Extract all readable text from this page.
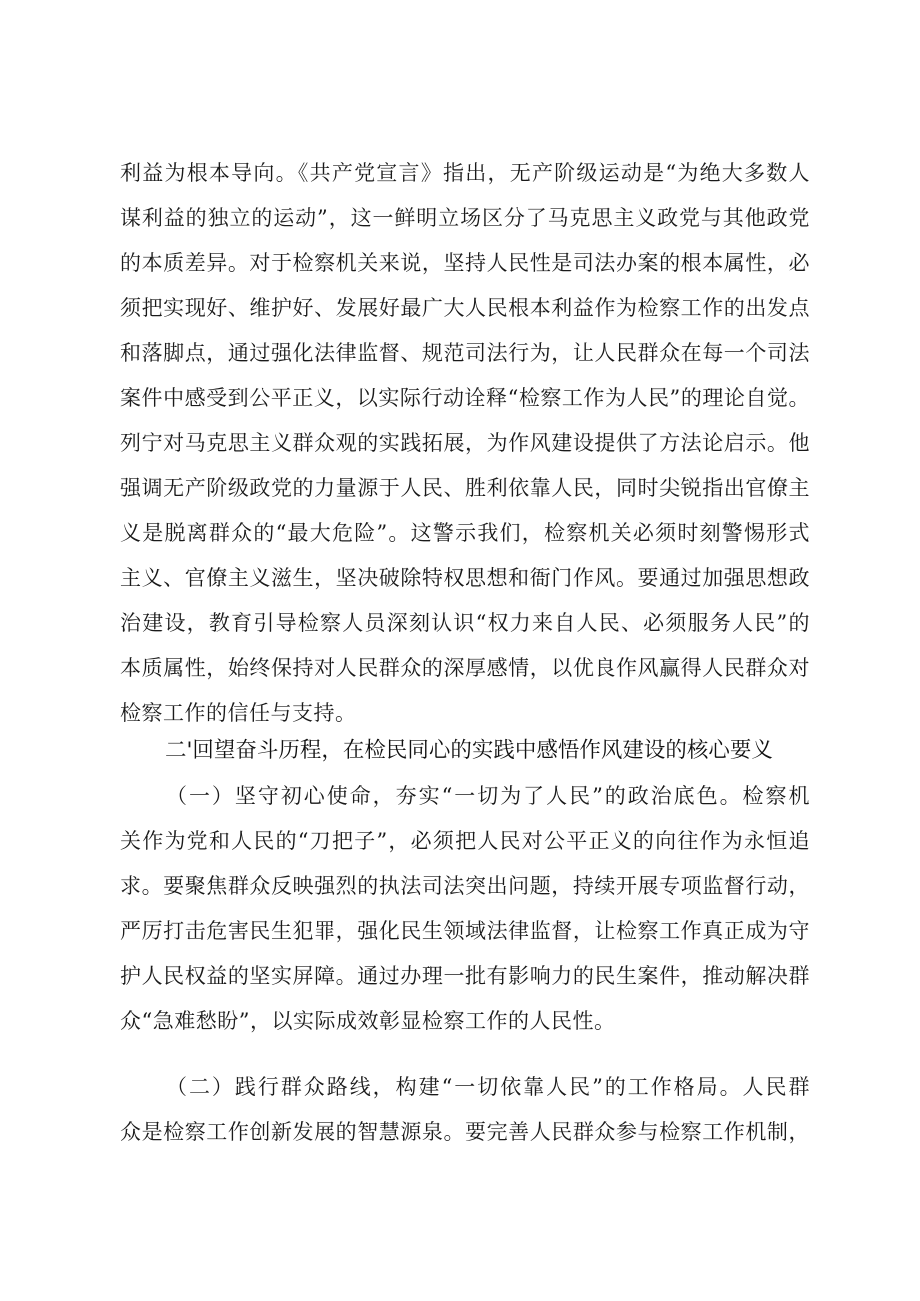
利益为根本导向。《共产党宣言》指出，无产阶级运动是“为绝大多数人
谋利益的独立的运动”，这一鲜明立场区分了马克思主义政党与其他政党
的本质差异。对于检察机关来说，坚持人民性是司法办案的根本属性，必
须把实现好、维护好、发展好最广大人民根本利益作为检察工作的出发点
和落脚点，通过强化法律监督、规范司法行为，让人民群众在每一个司法
案件中感受到公平正义，以实际行动诠释“检察工作为人民”的理论自觉。
列宁对马克思主义群众观的实践拓展，为作风建设提供了方法论启示。他
强调无产阶级政党的力量源于人民、胜利依靠人民，同时尖锐指出官僚主
义是脱离群众的“最大危险”。这警示我们，检察机关必须时刻警惕形式
主义、官僚主义滋生，坚决破除特权思想和衙门作风。要通过加强思想政
治建设，教育引导检察人员深刻认识“权力来自人民、必须服务人民”的
本质属性，始终保持对人民群众的深厚感情，以优良作风赢得人民群众对
检察工作的信任与支持。
二'回望奋斗历程，在检民同心的实践中感悟作风建设的核心要义
（一）坚守初心使命，夯实“一切为了人民”的政治底色。检察机
关作为党和人民的“刀把子”，必须把人民对公平正义的向往作为永恒追
求。要聚焦群众反映强烈的执法司法突出问题，持续开展专项监督行动，
严厉打击危害民生犯罪，强化民生领域法律监督，让检察工作真正成为守
护人民权益的坚实屏障。通过办理一批有影响力的民生案件，推动解决群
众“急难愁盼”，以实际成效彰显检察工作的人民性。
（二）践行群众路线，构建“一切依靠人民”的工作格局。人民群
众是检察工作创新发展的智慧源泉。要完善人民群众参与检察工作机制，
